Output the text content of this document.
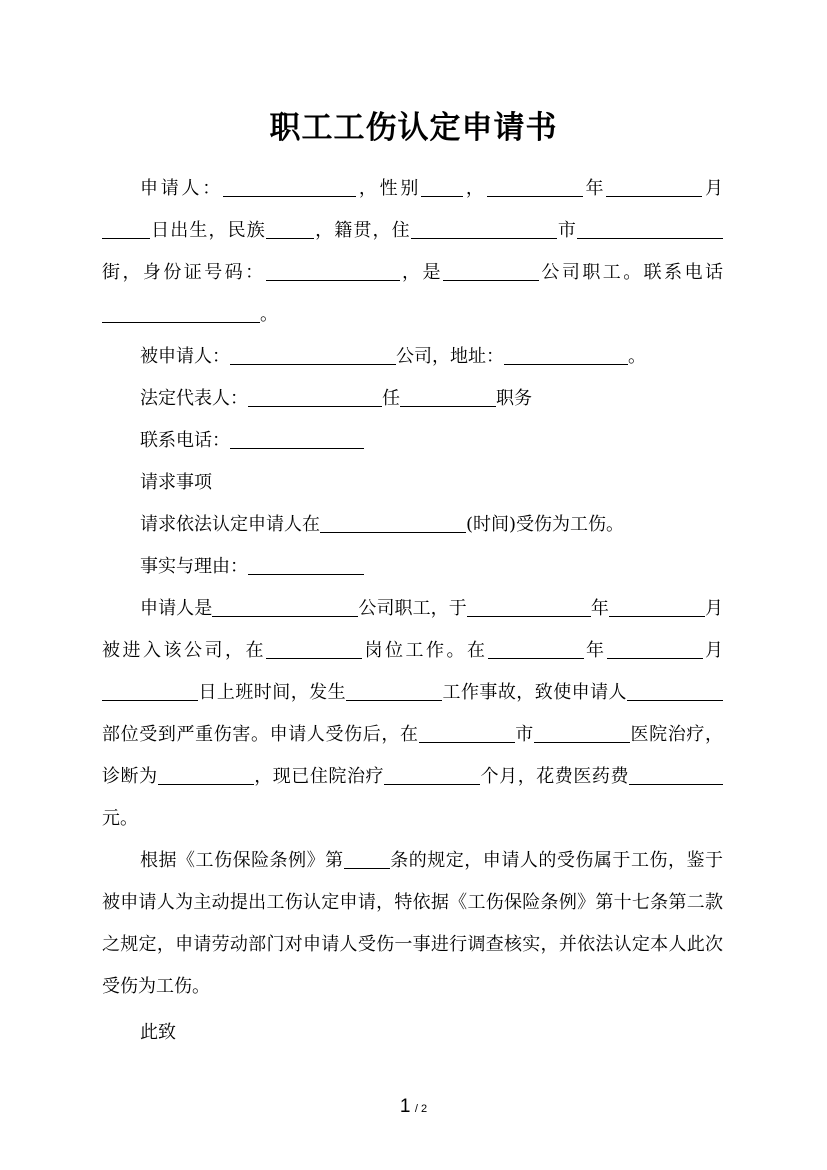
职工工伤认定申请书

申请人：	，性别 ，	年	月日出生，民族	，籍贯，住	市街，身份证号码：	，是	公司职工。联系电话。

被申请人：	公司，地址：	。

法定代表人：	任	职务

联系电话：

请求事项

请求依法认定申请人在	(时间)受伤为工伤。

事实与理由：

申请人是	公司职工，于	年	月被进入该公司，在	岗位工作。在	年	月日上班时间，发生	工作事故，致使申请人部位受到严重伤害。申请人受伤后，在	市	医院治疗，诊断为	，现已住院治疗	个月，花费医药费元。

根据《工伤保险条例》第	条的规定，申请人的受伤属于工伤，鉴于被申请人为主动提出工伤认定申请，特依据《工伤保险条例》第十七条第二款之规定，申请劳动部门对申请人受伤一事进行调查核实，并依法认定本人此次受伤为工伤。

此致

1 / 2
